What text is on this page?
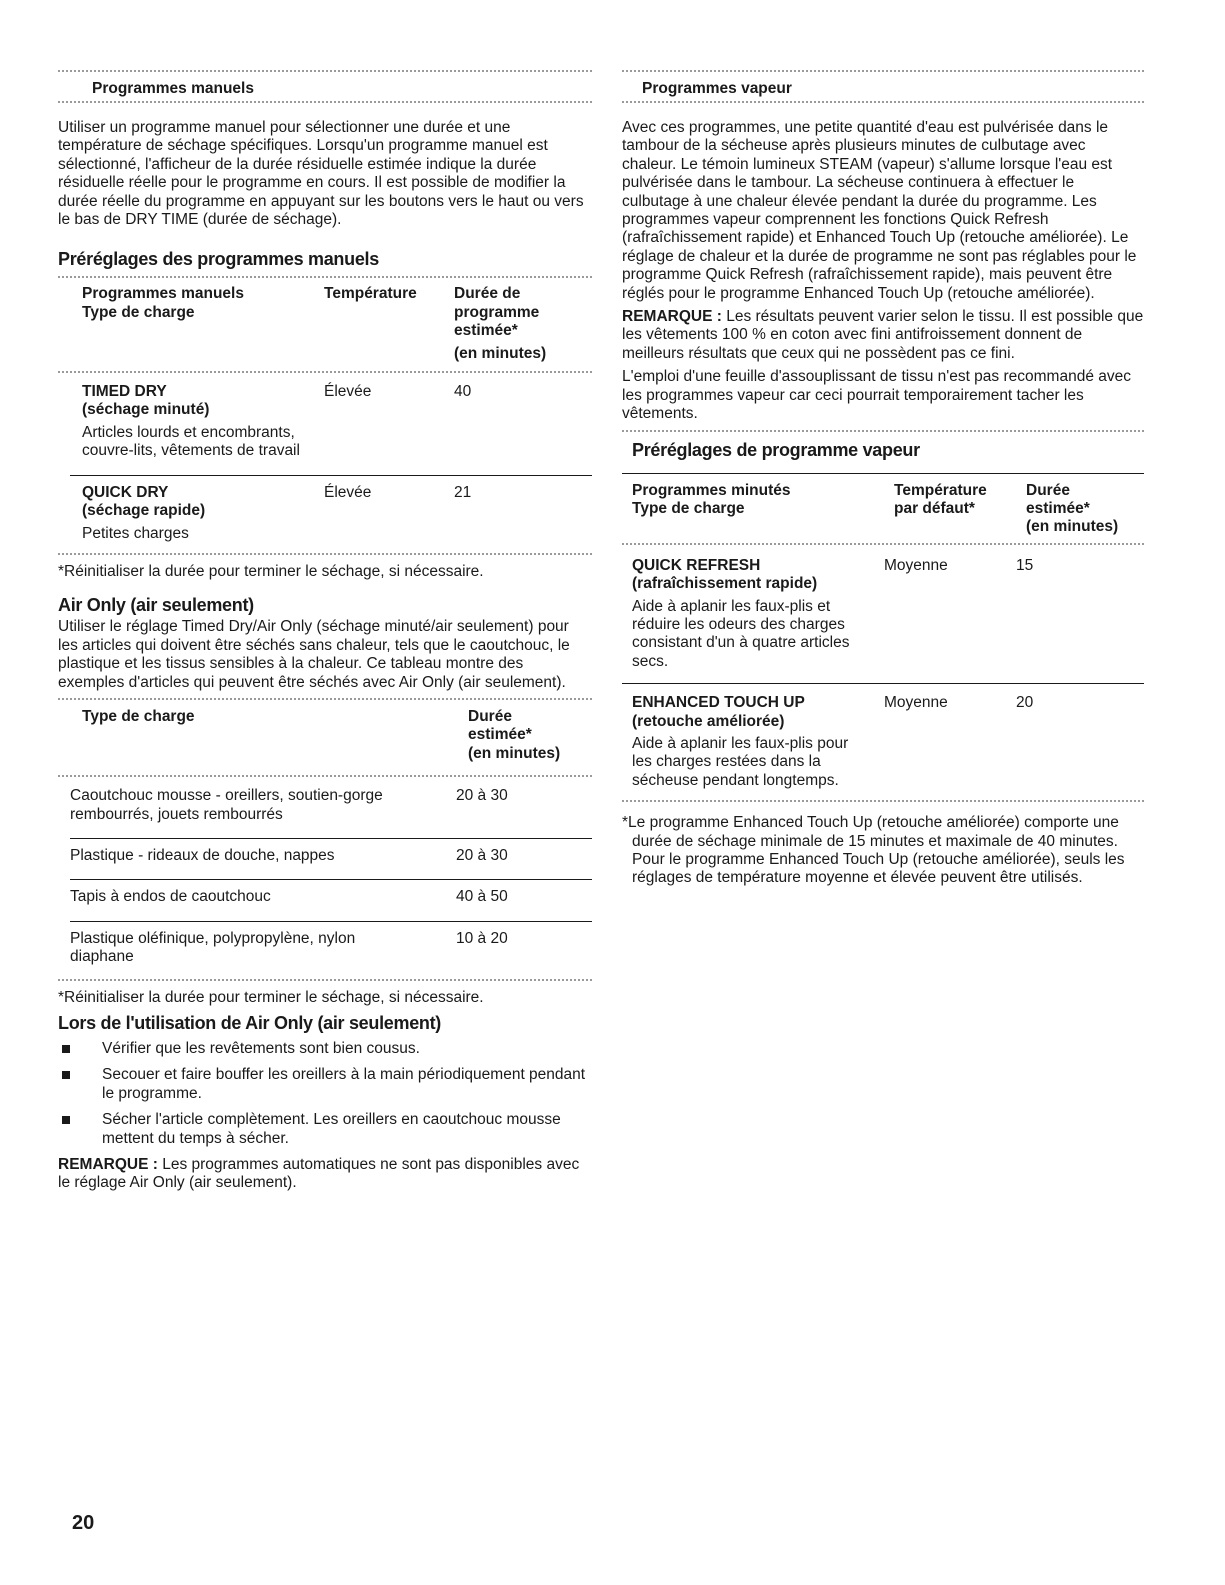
Programmes manuels

Utiliser un programme manuel pour sélectionner une durée et une température de séchage spécifiques. Lorsqu'un programme manuel est sélectionné, l'afficheur de la durée résiduelle estimée indique la durée résiduelle réelle pour le programme en cours. Il est possible de modifier la durée réelle du programme en appuyant sur les boutons vers le haut ou vers le bas de DRY TIME (durée de séchage).

Préréglages des programmes manuels
Programmes manuels
Type de charge
	Température	Durée de programme estimée*
(en minutes)
TIMED DRY
(séchage minuté)
Articles lourds et encombrants, couvre-lits, vêtements de travail
	Élevée	40
QUICK DRY
(séchage rapide)
Petites charges
	Élevée	21
*Réinitialiser la durée pour terminer le séchage, si nécessaire.
Air Only (air seulement)

Utiliser le réglage Timed Dry/Air Only (séchage minuté/air seulement) pour les articles qui doivent être séchés sans chaleur, tels que le caoutchouc, le plastique et les tissus sensibles à la chaleur. Ce tableau montre des exemples d'articles qui peuvent être séchés avec Air Only (air seulement).

Type de charge	Durée
estimée*
(en minutes)
Caoutchouc mousse - oreillers, soutien-gorge rembourrés, jouets rembourrés	20 à 30
Plastique - rideaux de douche, nappes	20 à 30
Tapis à endos de caoutchouc	40 à 50
Plastique oléfinique, polypropylène, nylon diaphane	10 à 20
*Réinitialiser la durée pour terminer le séchage, si nécessaire.
Lors de l'utilisation de Air Only (air seulement)
Vérifier que les revêtements sont bien cousus.
Secouer et faire bouffer les oreillers à la main périodiquement pendant le programme.
Sécher l'article complètement. Les oreillers en caoutchouc mousse mettent du temps à sécher.

REMARQUE : Les programmes automatiques ne sont pas disponibles avec le réglage Air Only (air seulement).

Programmes vapeur

Avec ces programmes, une petite quantité d'eau est pulvérisée dans le tambour de la sécheuse après plusieurs minutes de culbutage avec chaleur. Le témoin lumineux STEAM (vapeur) s'allume lorsque l'eau est pulvérisée dans le tambour. La sécheuse continuera à effectuer le culbutage à une chaleur élevée pendant la durée du programme. Les programmes vapeur comprennent les fonctions Quick Refresh (rafraîchissement rapide) et Enhanced Touch Up (retouche améliorée). Le réglage de chaleur et la durée de programme ne sont pas réglables pour le programme Quick Refresh (rafraîchissement rapide), mais peuvent être réglés pour le programme Enhanced Touch Up (retouche améliorée).

REMARQUE : Les résultats peuvent varier selon le tissu. Il est possible que les vêtements 100 % en coton avec fini antifroissement donnent de meilleurs résultats que ceux qui ne possèdent pas ce fini.

L'emploi d'une feuille d'assouplissant de tissu n'est pas recommandé avec les programmes vapeur car ceci pourrait temporairement tacher les vêtements.

Préréglages de programme vapeur
Programmes minutés
Type de charge

Température
par défaut*

Durée
estimée*
(en minutes)
QUICK REFRESH
(rafraîchissement rapide)
Aide à aplanir les faux-plis et réduire les odeurs des charges consistant d'un à quatre articles secs.
	Moyenne	15
ENHANCED TOUCH UP
(retouche améliorée)
Aide à aplanir les faux-plis pour les charges restées dans la sécheuse pendant longtemps.
	Moyenne	20
*Le programme Enhanced Touch Up (retouche améliorée) comporte une durée de séchage minimale de 15 minutes et maximale de 40 minutes. Pour le programme Enhanced Touch Up (retouche améliorée), seuls les réglages de température moyenne et élevée peuvent être utilisés.
20
